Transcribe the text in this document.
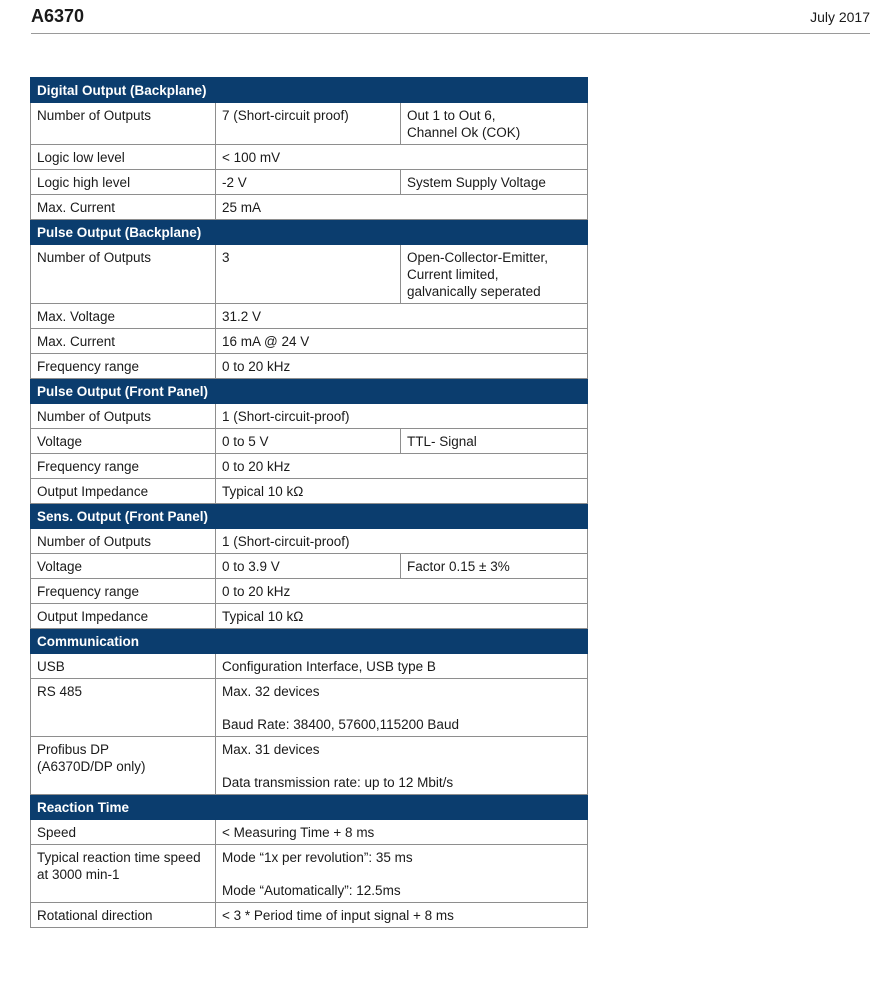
A6370	July 2017
Digital Output (Backplane)		
Number of Outputs	7 (Short-circuit proof)	Out 1 to Out 6,
Channel Ok (COK)
Logic low level	< 100 mV	
Logic high level	-2 V	System Supply Voltage
Max. Current	25 mA	
Pulse Output (Backplane)		
Number of Outputs	3	Open-Collector-Emitter,
Current limited,
galvanically seperated
Max. Voltage	31.2 V	
Max. Current	16 mA @ 24 V	
Frequency range	0 to 20 kHz	
Pulse Output (Front Panel)		
Number of Outputs	1 (Short-circuit-proof)	
Voltage	0 to 5 V	TTL- Signal
Frequency range	0 to 20 kHz	
Output Impedance	Typical 10 kΩ	
Sens. Output (Front Panel)		
Number of Outputs	1 (Short-circuit-proof)	
Voltage	0 to 3.9 V	Factor 0.15 ± 3%
Frequency range	0 to 20 kHz	
Output Impedance	Typical 10 kΩ	
Communication		
USB	Configuration Interface, USB type B	
RS 485	Max. 32 devices
Baud Rate: 38400, 57600,115200 Baud	
Profibus DP
(A6370D/DP only)	Max. 31 devices
Data transmission rate: up to 12 Mbit/s	
Reaction Time		
Speed	< Measuring Time + 8 ms	
Typical reaction time speed
at 3000 min-1	Mode “1x per revolution”: 35 ms
Mode “Automatically”: 12.5ms	
Rotational direction	< 3 * Period time of input signal + 8 ms	
